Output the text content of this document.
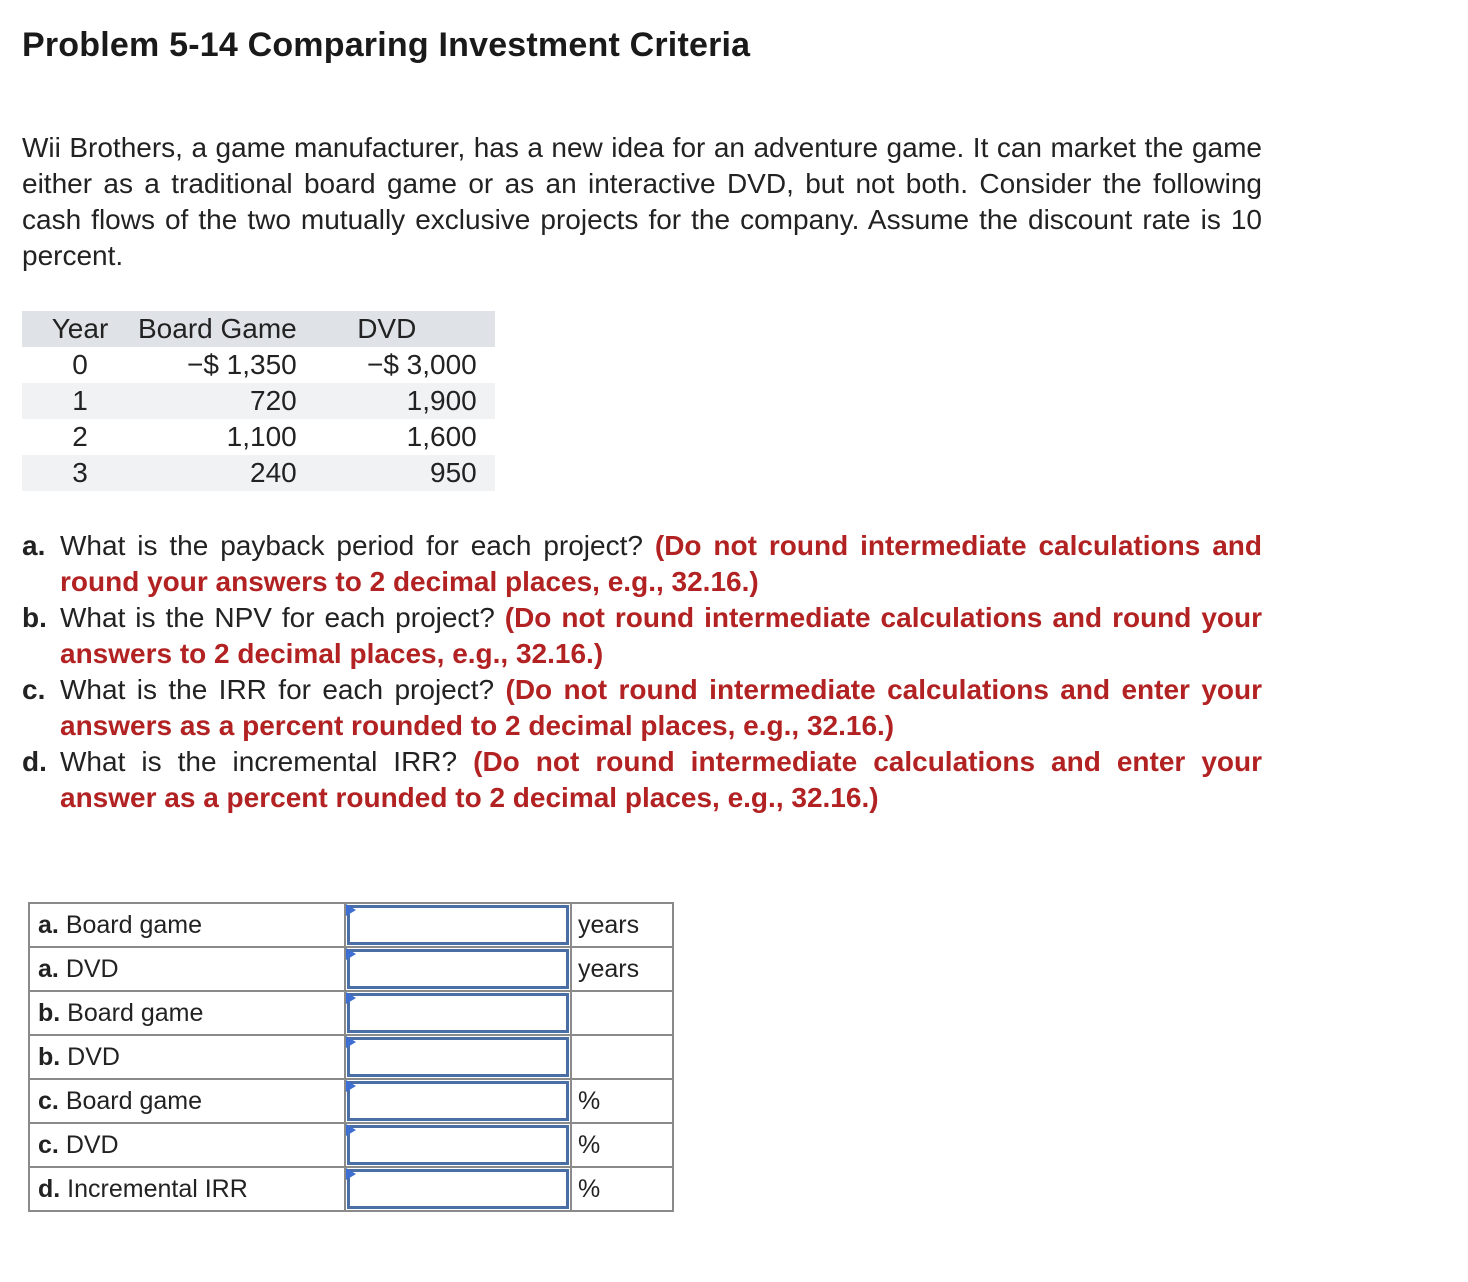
Problem 5-14 Comparing Investment Criteria
Wii Brothers, a game manufacturer, has a new idea for an adventure game. It can market the game either as a traditional board game or as an interactive DVD, but not both. Consider the following cash flows of the two mutually exclusive projects for the company. Assume the discount rate is 10 percent.
Year	Board Game	DVD	
0	−$ 1,350	−$ 3,000	
1	720	1,900	
2	1,100	1,600	
3	240	950	
a. What is the payback period for each project? (Do not round intermediate calculations and round your answers to 2 decimal places, e.g., 32.16.)
b. What is the NPV for each project? (Do not round intermediate calculations and round your answers to 2 decimal places, e.g., 32.16.)
c. What is the IRR for each project? (Do not round intermediate calculations and enter your answers as a percent rounded to 2 decimal places, e.g., 32.16.)
d. What is the incremental IRR? (Do not round intermediate calculations and enter your answer as a percent rounded to 2 decimal places, e.g., 32.16.)
a. Board game		years
a. DVD		years
b. Board game	

b. DVD	

c. Board game		%
c. DVD		%
d. Incremental IRR		%
